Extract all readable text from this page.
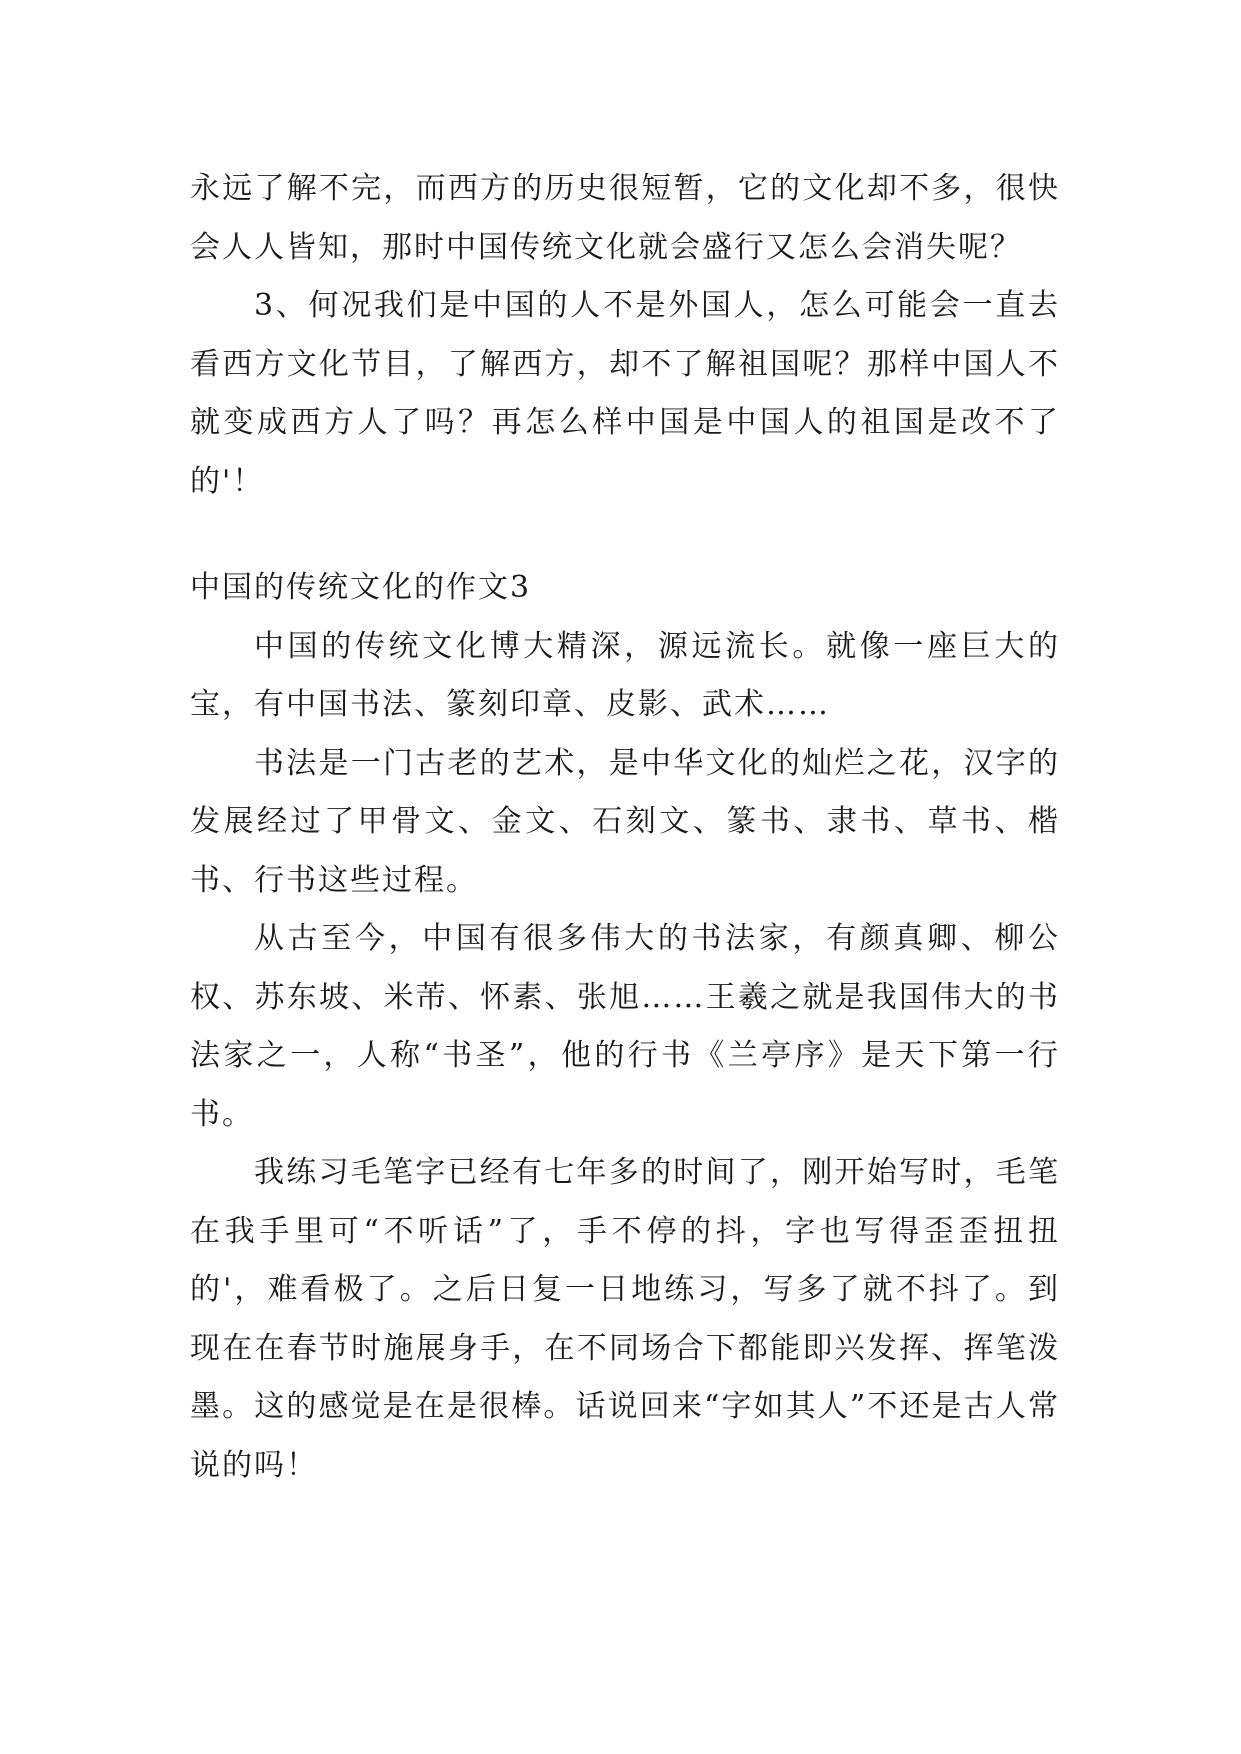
永远了解不完，而西方的历史很短暂，它的文化却不多，很快会人人皆知，那时中国传统文化就会盛行又怎么会消失呢？

3、何况我们是中国的人不是外国人，怎么可能会一直去看西方文化节目，了解西方，却不了解祖国呢？那样中国人不就变成西方人了吗？再怎么样中国是中国人的祖国是改不了的'！

中国的传统文化的作文3

中国的传统文化博大精深，源远流长。就像一座巨大的宝，有中国书法、篆刻印章、皮影、武术……

书法是一门古老的艺术，是中华文化的灿烂之花，汉字的发展经过了甲骨文、金文、石刻文、篆书、隶书、草书、楷书、行书这些过程。

从古至今，中国有很多伟大的书法家，有颜真卿、柳公权、苏东坡、米芾、怀素、张旭……王羲之就是我国伟大的书法家之一，人称“书圣”，他的行书《兰亭序》是天下第一行书。

我练习毛笔字已经有七年多的时间了，刚开始写时，毛笔在我手里可“不听话”了，手不停的抖，字也写得歪歪扭扭的'，难看极了。之后日复一日地练习，写多了就不抖了。到现在在春节时施展身手，在不同场合下都能即兴发挥、挥笔泼墨。这的感觉是在是很棒。话说回来“字如其人”不还是古人常说的吗！
